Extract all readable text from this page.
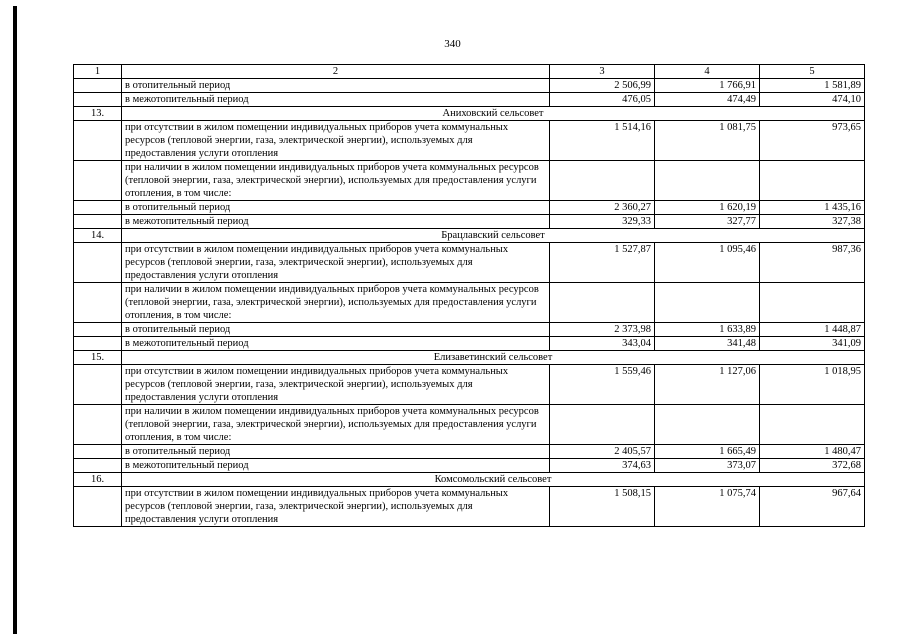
340
1	2	3	4	5
	в отопительный период	2 506,99	1 766,91	1 581,89
	в межотопительный период	476,05	474,49	474,10
13.	Аниховский сельсовет			
	при отсутствии в жилом помещении индивидуальных приборов учета коммунальных ресурсов (тепловой энергии, газа, электрической энергии), используемых для предоставления услуги отопления	1 514,16	1 081,75	973,65
	при наличии в жилом помещении индивидуальных приборов учета коммунальных ресурсов (тепловой энергии, газа, электрической энергии), используемых для предоставления услуги отопления, в том числе:			
	в отопительный период	2 360,27	1 620,19	1 435,16
	в межотопительный период	329,33	327,77	327,38
14.	Брацлавский сельсовет			
	при отсутствии в жилом помещении индивидуальных приборов учета коммунальных ресурсов (тепловой энергии, газа, электрической энергии), используемых для предоставления услуги отопления	1 527,87	1 095,46	987,36
	при наличии в жилом помещении индивидуальных приборов учета коммунальных ресурсов (тепловой энергии, газа, электрической энергии), используемых для предоставления услуги отопления, в том числе:			
	в отопительный период	2 373,98	1 633,89	1 448,87
	в межотопительный период	343,04	341,48	341,09
15.	Елизаветинский сельсовет			
	при отсутствии в жилом помещении индивидуальных приборов учета коммунальных ресурсов (тепловой энергии, газа, электрической энергии), используемых для предоставления услуги отопления	1 559,46	1 127,06	1 018,95
	при наличии в жилом помещении индивидуальных приборов учета коммунальных ресурсов (тепловой энергии, газа, электрической энергии), используемых для предоставления услуги отопления, в том числе:			
	в отопительный период	2 405,57	1 665,49	1 480,47
	в межотопительный период	374,63	373,07	372,68
16.	Комсомольский сельсовет			
	при отсутствии в жилом помещении индивидуальных приборов учета коммунальных ресурсов (тепловой энергии, газа, электрической энергии), используемых для предоставления услуги отопления	1 508,15	1 075,74	967,64
